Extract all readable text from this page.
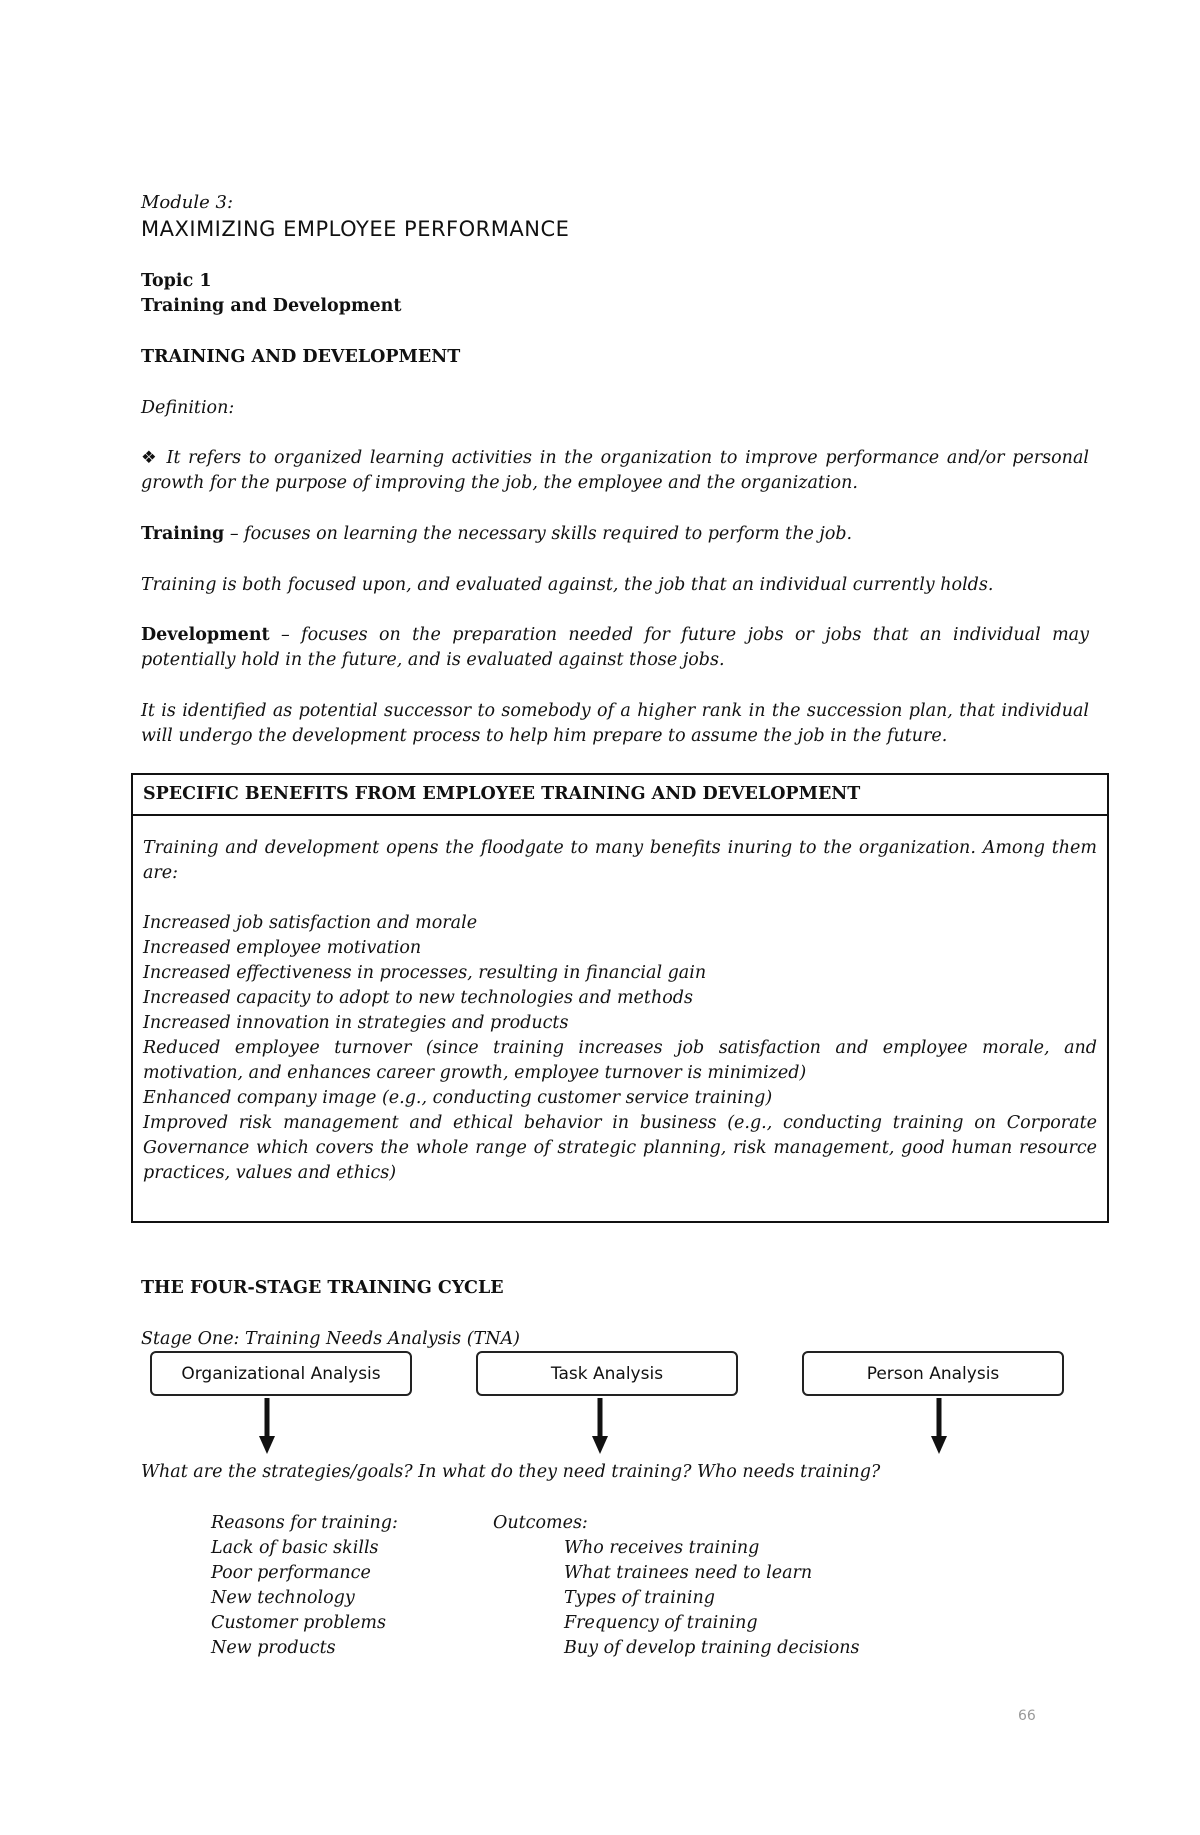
Module 3:
MAXIMIZING EMPLOYEE PERFORMANCE
Topic 1
Training and Development
TRAINING AND DEVELOPMENT
Definition:
❖ It refers to organized learning activities in the organization to improve performance and/or personal growth for the purpose of improving the job, the employee and the organization.
Training – focuses on learning the necessary skills required to perform the job.
Training is both focused upon, and evaluated against, the job that an individual currently holds.
Development – focuses on the preparation needed for future jobs or jobs that an individual may potentially hold in the future, and is evaluated against those jobs.
It is identified as potential successor to somebody of a higher rank in the succession plan, that individual will undergo the development process to help him prepare to assume the job in the future.
SPECIFIC BENEFITS FROM EMPLOYEE TRAINING AND DEVELOPMENT

Training and development opens the floodgate to many benefits inuring to the organization. Among them are:

Increased job satisfaction and morale

Increased employee motivation

Increased effectiveness in processes, resulting in financial gain

Increased capacity to adopt to new technologies and methods

Increased innovation in strategies and products

Reduced employee turnover (since training increases job satisfaction and employee morale, and motivation, and enhances career growth, employee turnover is minimized)

Enhanced company image (e.g., conducting customer service training)

Improved risk management and ethical behavior in business (e.g., conducting training on Corporate Governance which covers the whole range of strategic planning, risk management, good human resource practices, values and ethics)

THE FOUR-STAGE TRAINING CYCLE
Stage One: Training Needs Analysis (TNA)
Organizational Analysis	Task Analysis	Person Analysis
What are the strategies/goals? In what do they need training? Who needs training?
Reasons for training:
Lack of basic skills
Poor performance
New technology
Customer problems
New products
Outcomes:
Who receives training
What trainees need to learn
Types of training
Frequency of training
Buy of develop training decisions
66
